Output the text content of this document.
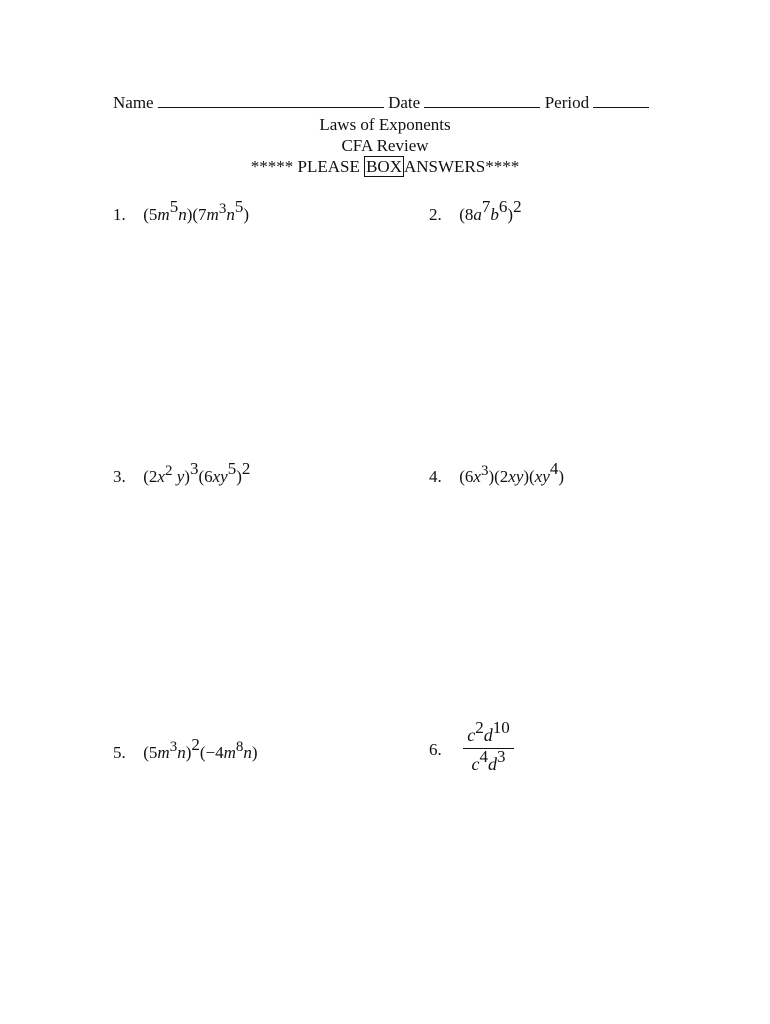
Name	Date	Period
Laws of Exponents
CFA Review
***** PLEASE BOX ANSWERS****
1. $(5m^5n)(7m^3n^5)$	2. $(8a^7b^6)^2$
3. ($2x^2$ $y)^3(6xy^5)^2$	4. $(6x^3)(2xy)(xy^4)$
5. $(5m^3n)^2(-4m^8n)$	6. $\frac{c^2d^{10}}{c^4d^3}$
